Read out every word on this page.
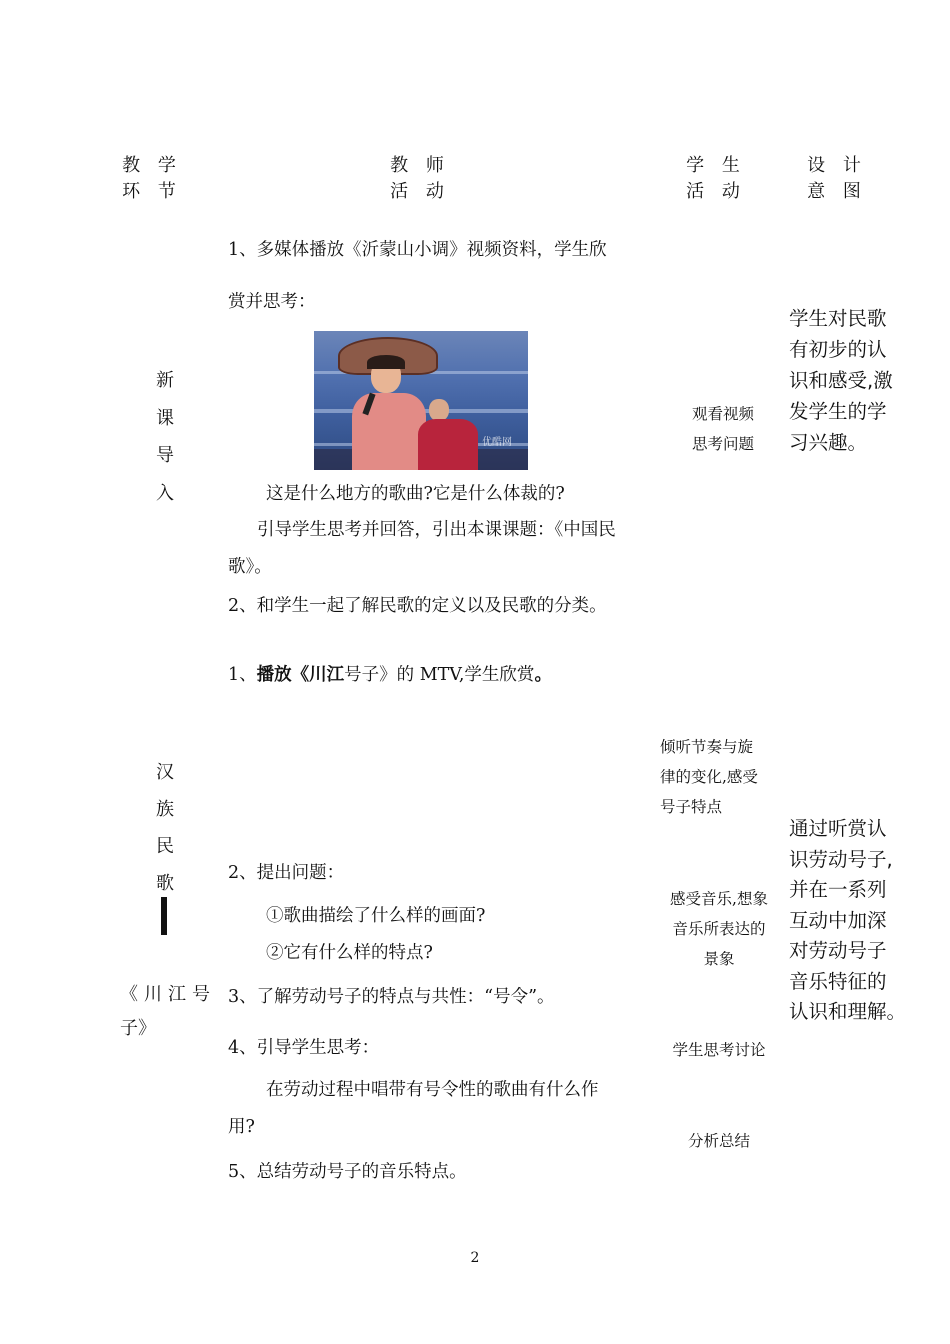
教 学
环 节
教 师
活 动
学 生
活 动
设 计
意 图
新
课
导
入
1、多媒体播放《沂蒙山小调》视频资料，学生欣
赏并思考：
优酷网
这是什么地方的歌曲?它是什么体裁的?
引导学生思考并回答，引出本课课题：《中国民
歌》。
2、和学生一起了解民歌的定义以及民歌的分类。
观看视频
思考问题
学生对民歌
有初步的认
识和感受,激
发学生的学
习兴趣。
汉
族
民
歌
《川江号
子》
1、播放《川江号子》的 MTV,学生欣赏。
2、提出问题：
①歌曲描绘了什么样的画面?
②它有什么样的特点?
3、了解劳动号子的特点与共性：“号令”。
4、引导学生思考：
在劳动过程中唱带有号令性的歌曲有什么作
用?
5、总结劳动号子的音乐特点。
倾听节奏与旋
律的变化,感受
号子特点
感受音乐,想象
音乐所表达的
景象
学生思考讨论
分析总结
通过听赏认
识劳动号子,
并在一系列
互动中加深
对劳动号子
音乐特征的
认识和理解。
2
